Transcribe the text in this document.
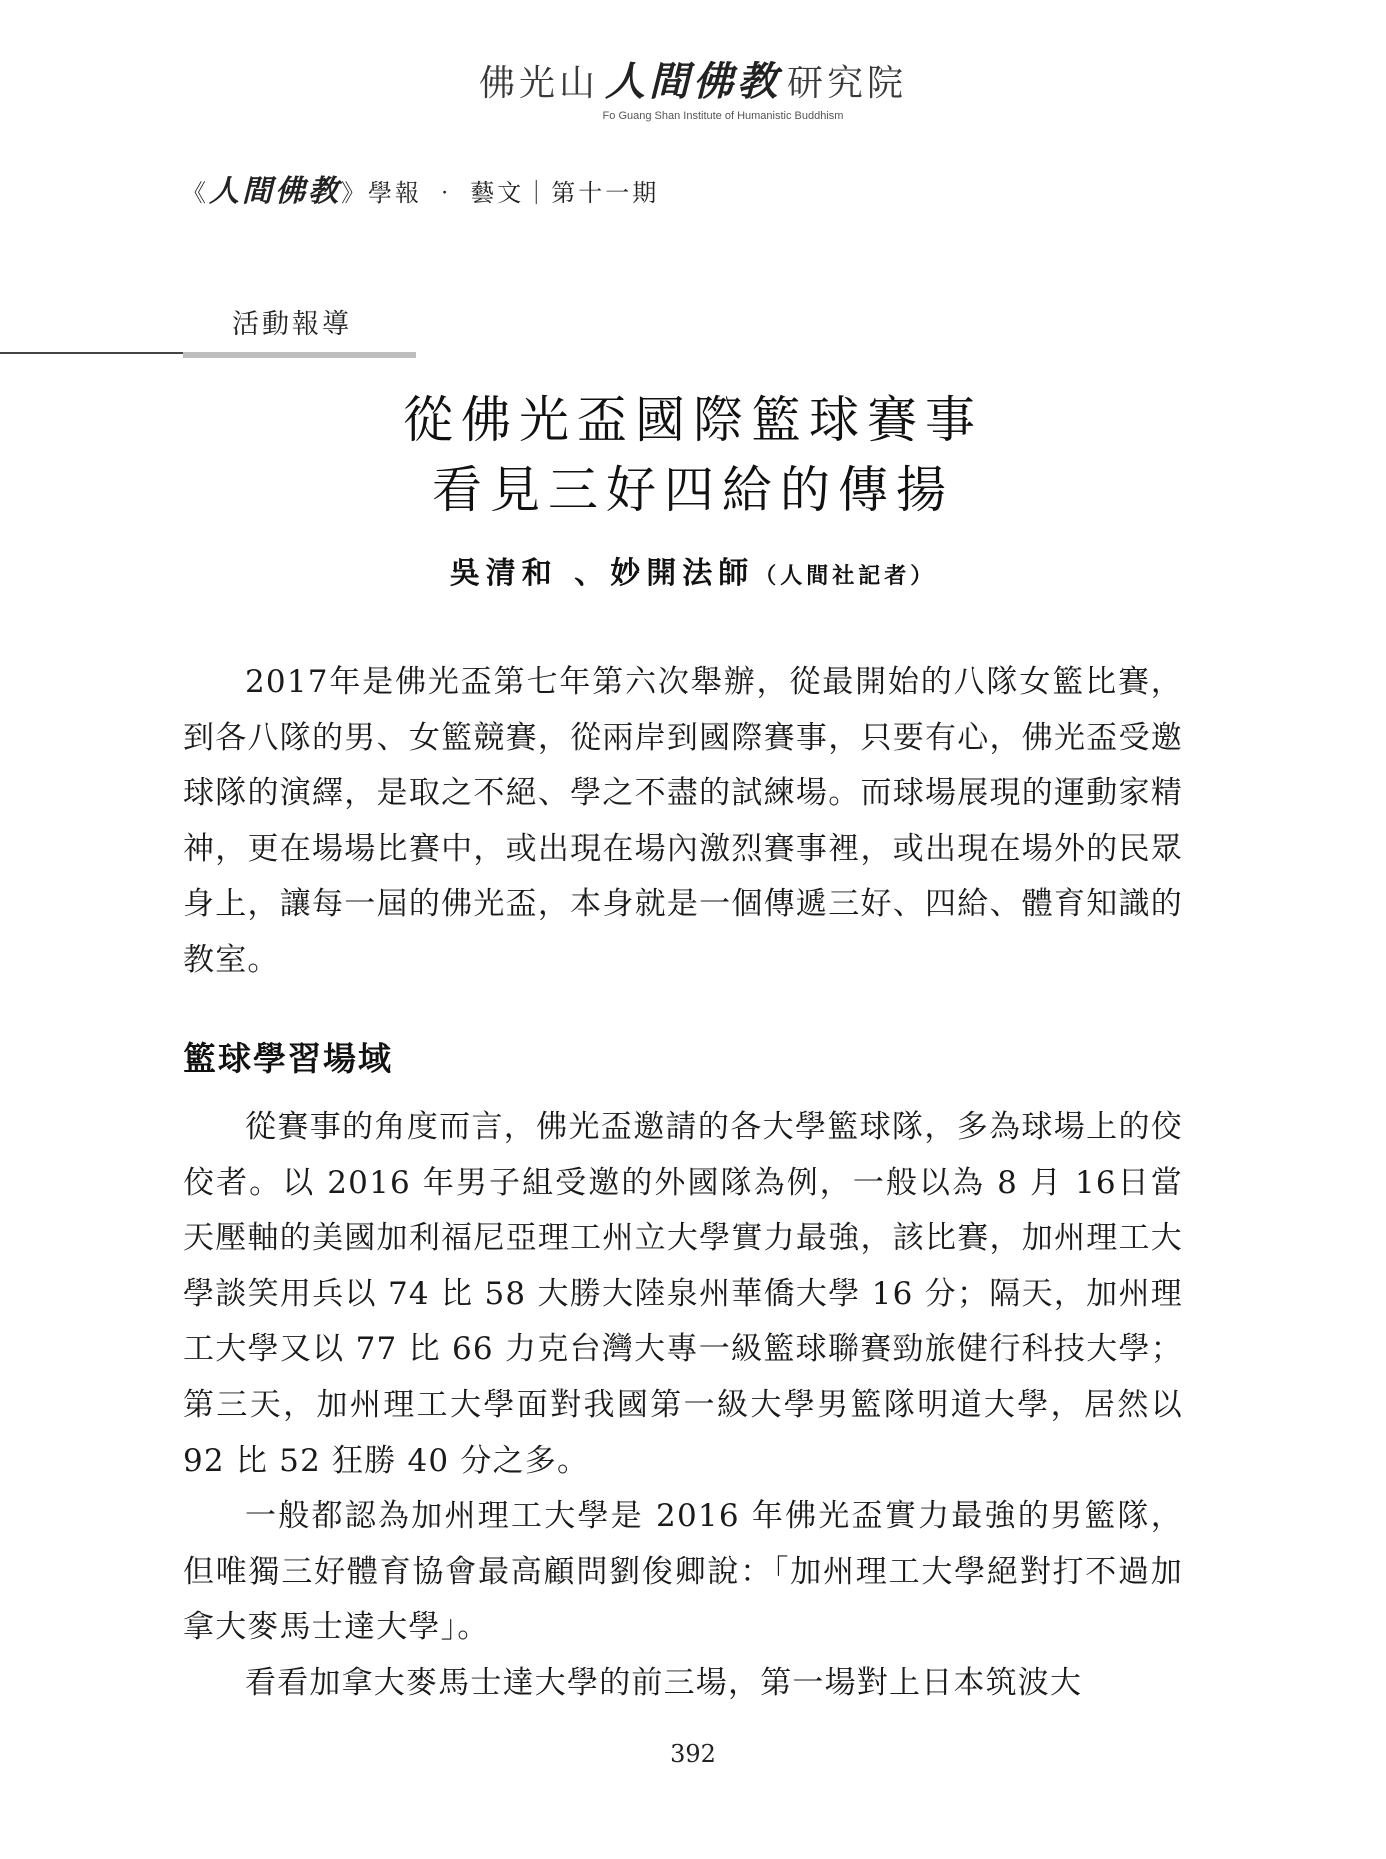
佛光山 人間佛教 研究院
Fo Guang Shan Institute of Humanistic Buddhism
《人間佛教》學報 ‧ 藝文｜第十一期
活動報導
從佛光盃國際籃球賽事
看見三好四給的傳揚
吳清和 、妙開法師（人間社記者）

2017年是佛光盃第七年第六次舉辦，從最開始的八隊女籃比賽，到各八隊的男、女籃競賽，從兩岸到國際賽事，只要有心，佛光盃受邀球隊的演繹，是取之不絕、學之不盡的試練場。而球場展現的運動家精神，更在場場比賽中，或出現在場內激烈賽事裡，或出現在場外的民眾身上，讓每一屆的佛光盃，本身就是一個傳遞三好、四給、體育知識的教室。

籃球學習場域

從賽事的角度而言，佛光盃邀請的各大學籃球隊，多為球場上的佼佼者。以 2016 年男子組受邀的外國隊為例，一般以為 8 月 16日當天壓軸的美國加利福尼亞理工州立大學實力最強，該比賽，加州理工大學談笑用兵以 74 比 58 大勝大陸泉州華僑大學 16 分；隔天，加州理工大學又以 77 比 66 力克台灣大專一級籃球聯賽勁旅健行科技大學；第三天，加州理工大學面對我國第一級大學男籃隊明道大學，居然以 92 比 52 狂勝 40 分之多。

一般都認為加州理工大學是 2016 年佛光盃實力最強的男籃隊，但唯獨三好體育協會最高顧問劉俊卿說：「加州理工大學絕對打不過加拿大麥馬士達大學」。

看看加拿大麥馬士達大學的前三場，第一場對上日本筑波大

392
